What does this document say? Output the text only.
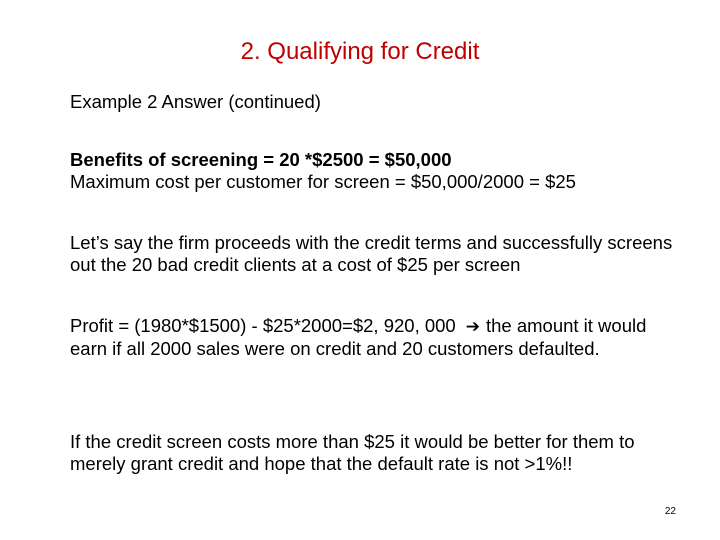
2. Qualifying for Credit

Example 2 Answer (continued)

Benefits of screening = 20 *$2500 = $50,000

Maximum cost per customer for screen = $50,000/2000 = $25

Let’s say the firm proceeds with the credit terms and successfully screens out the 20 bad credit clients at a cost of $25 per screen

Profit = (1980*$1500) - $25*2000=$2, 920, 000 ➔ the amount it would earn if all 2000 sales were on credit and 20 customers defaulted.

If the credit screen costs more than $25 it would be better for them to merely grant credit and hope that the default rate is not >1%!!

22
